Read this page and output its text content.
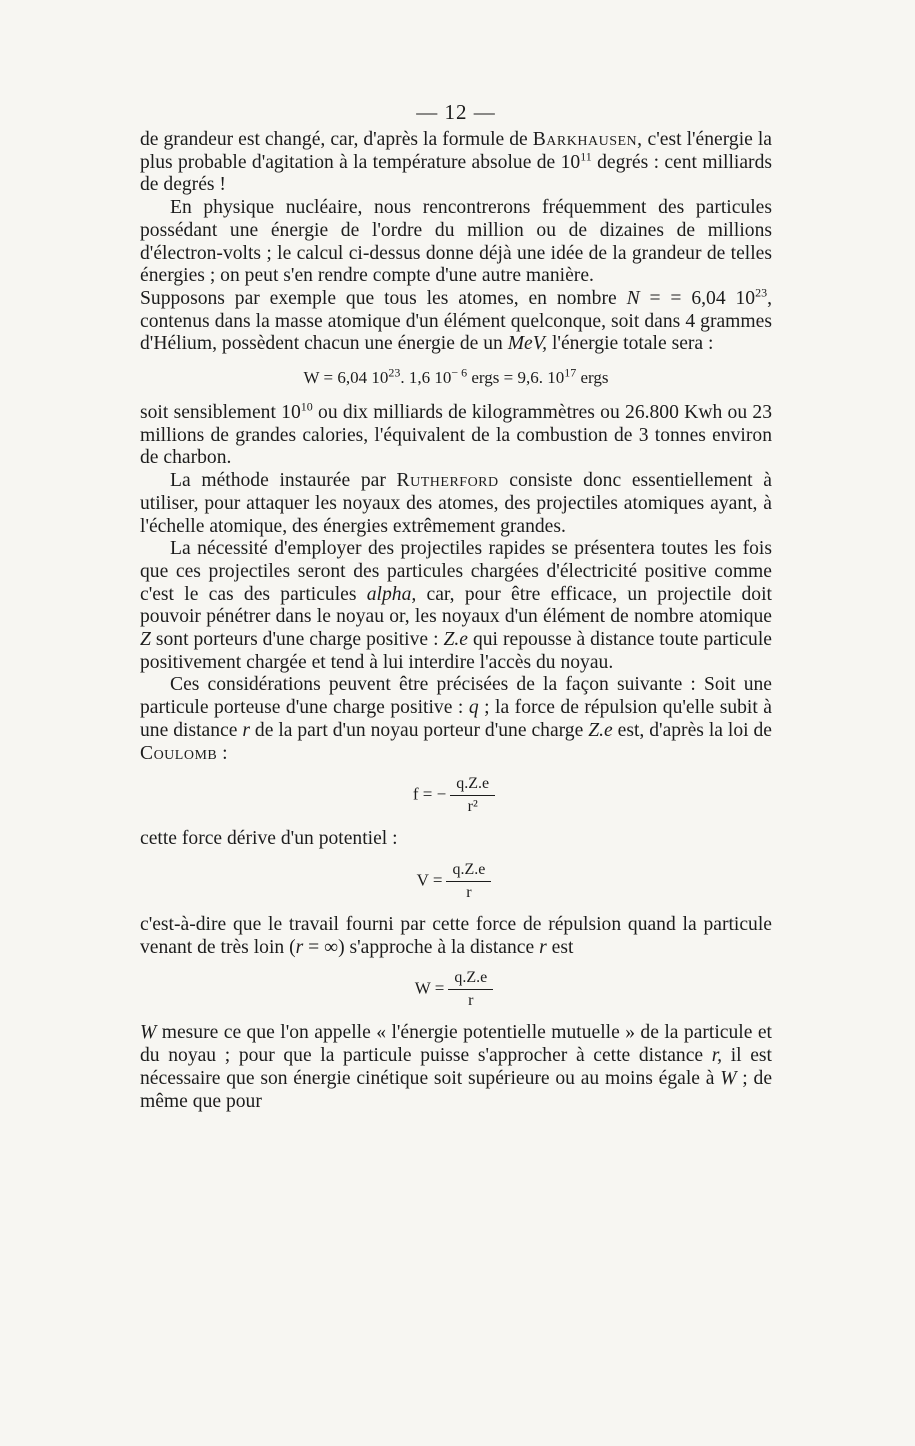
— 12 —

de grandeur est changé, car, d'après la formule de Barkhausen, c'est l'énergie la plus probable d'agitation à la température absolue de $10^{11}$ degrés : cent milliards de degrés !

En physique nucléaire, nous rencontrerons fréquemment des particules possédant une énergie de l'ordre du million ou de dizaines de millions d'électron-volts ; le calcul ci-dessus donne déjà une idée de la grandeur de telles énergies ; on peut s'en rendre compte d'une autre manière.

Supposons par exemple que tous les atomes, en nombre N = = 6,04 $10^{23}$, contenus dans la masse atomique d'un élément quelconque, soit dans 4 grammes d'Hélium, possèdent chacun une énergie de un MeV, l'énergie totale sera :

W = 6,04 $10^{23}$. 1,6 $10^{- 6}$ ergs = 9,6. $10^{17}$ ergs

soit sensiblement $10^{10}$ ou dix milliards de kilogrammètres ou 26.800 Kwh ou 23 millions de grandes calories, l'équivalent de la combustion de 3 tonnes environ de charbon.

La méthode instaurée par Rutherford consiste donc essentiellement à utiliser, pour attaquer les noyaux des atomes, des projectiles atomiques ayant, à l'échelle atomique, des énergies extrêmement grandes.

La nécessité d'employer des projectiles rapides se présentera toutes les fois que ces projectiles seront des particules chargées d'électricité positive comme c'est le cas des particules alpha, car, pour être efficace, un projectile doit pouvoir pénétrer dans le noyau or, les noyaux d'un élément de nombre atomique Z sont porteurs d'une charge positive : Z.e qui repousse à distance toute particule positivement chargée et tend à lui interdire l'accès du noyau.

Ces considérations peuvent être précisées de la façon suivante : Soit une particule porteuse d'une charge positive : q ; la force de répulsion qu'elle subit à une distance r de la part d'un noyau porteur d'une charge Z.e est, d'après la loi de Coulomb :

f = − $\frac{q.Z.e}{\text{r²}}$

cette force dérive d'un potentiel :

$V = \frac{q.Z.e}{r}$

c'est-à-dire que le travail fourni par cette force de répulsion quand la particule venant de très loin (r = ∞) s'approche à la distance r est

$W = \frac{q.Z.e}{r}$

W mesure ce que l'on appelle « l'énergie potentielle mutuelle » de la particule et du noyau ; pour que la particule puisse s'approcher à cette distance r, il est nécessaire que son énergie cinétique soit supérieure ou au moins égale à W ; de même que pour
